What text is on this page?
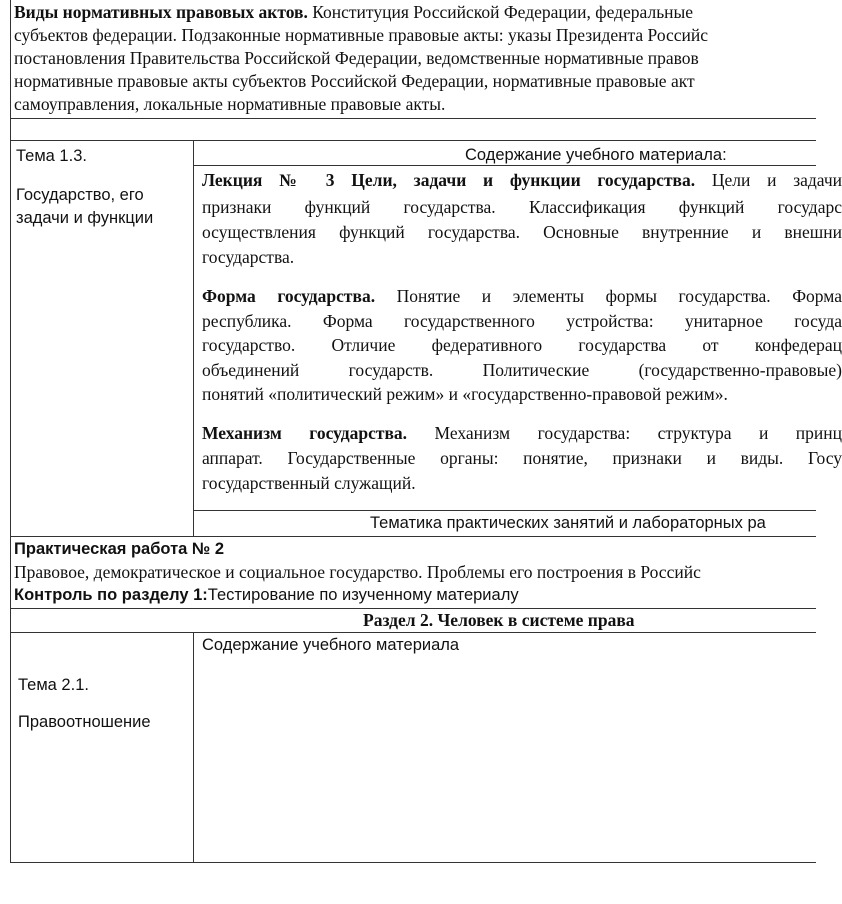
Виды нормативных правовых актов. Конституция Российской Федерации, федеральные
субъектов федерации. Подзаконные нормативные правовые акты: указы Президента Российс
постановления Правительства Российской Федерации, ведомственные нормативные правов
нормативные правовые акты субъектов Российской Федерации, нормативные правовые акт
самоуправления, локальные нормативные правовые акты.
Тема 1.3.
Государство, его
задачи и функции
Содержание учебного материала:
Лекция № 3 Цели, задачи и функции государства. Цели и задачи
признаки функций государства. Классификация функций государс
осуществления функций государства. Основные внутренние и внешни
государства.
Форма государства. Понятие и элементы формы государства. Форма
республика. Форма государственного устройства: унитарное госуда
государство. Отличие федеративного государства от конфедерац
объединений государств. Политические (государственно-правовые)
понятий «политический режим» и «государственно-правовой режим».
Механизм государства. Механизм государства: структура и принц
аппарат. Государственные органы: понятие, признаки и виды. Госу
государственный служащий.
Тематика практических занятий и лабораторных ра
Практическая работа № 2
Правовое, демократическое и социальное государство. Проблемы его построения в Российс
Контроль по разделу 1:Тестирование по изученному материалу
Раздел 2. Человек в системе права
Содержание учебного материала
Тема 2.1.
Правоотношение
